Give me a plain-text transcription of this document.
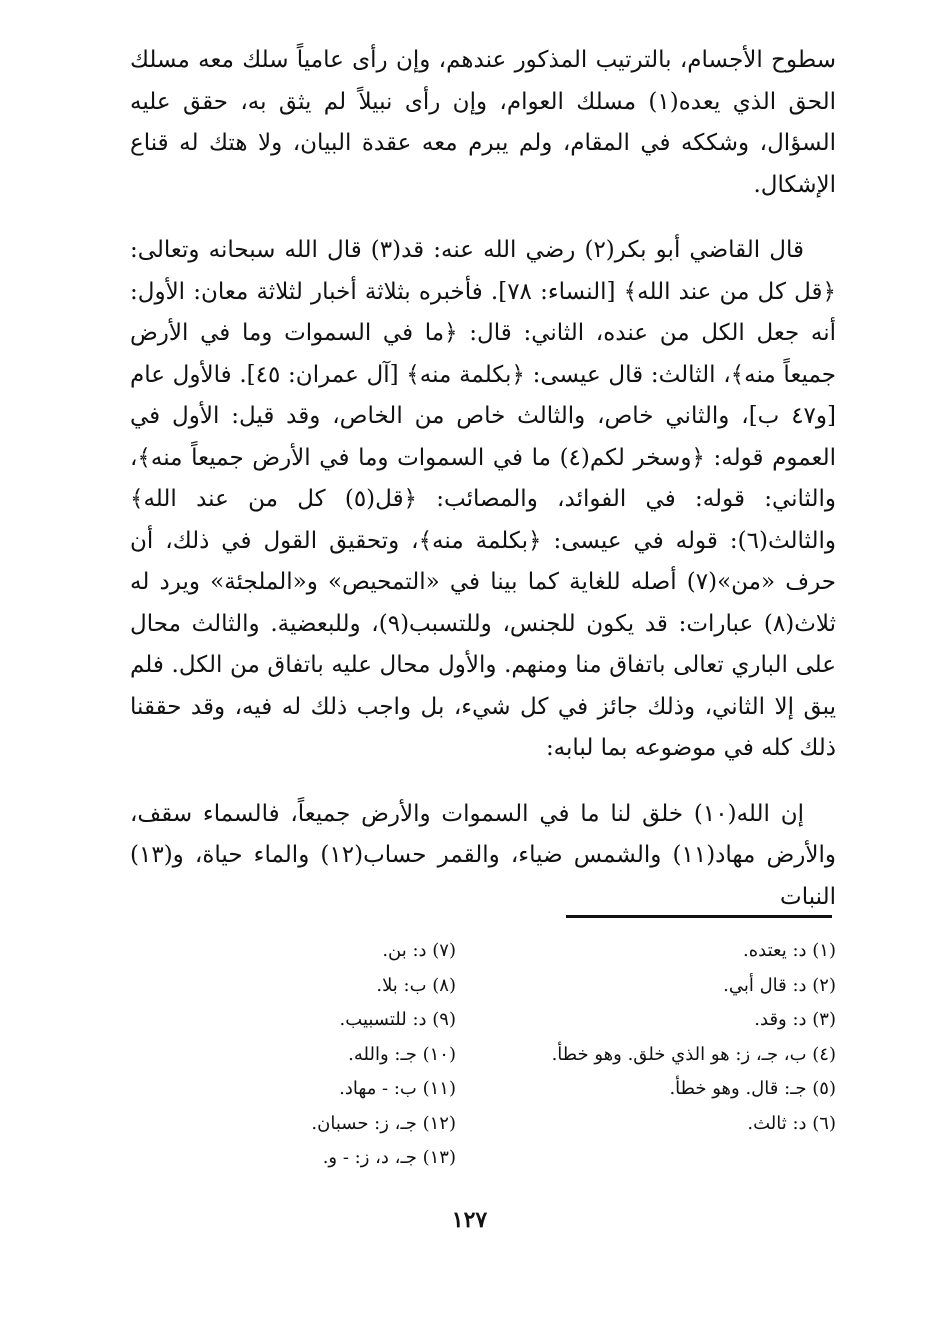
سطوح الأجسام، بالترتيب المذكور عندهم، وإن رأى عامياً سلك معه مسلك الحق الذي يعده(١) مسلك العوام، وإن رأى نبيلاً لم يثق به، حقق عليه السؤال، وشككه في المقام، ولم يبرم معه عقدة البيان، ولا هتك له قناع الإشكال.

قال القاضي أبو بكر(٢) رضي الله عنه: قد(٣) قال الله سبحانه وتعالى: ﴿قل كل من عند الله﴾ [النساء: ٧٨]. فأخبره بثلاثة أخبار لثلاثة معان: الأول: أنه جعل الكل من عنده، الثاني: قال: ﴿ما في السموات وما في الأرض جميعاً منه﴾، الثالث: قال عيسى: ﴿بكلمة منه﴾ [آل عمران: ٤٥]. فالأول عام [و٤٧ ب]، والثاني خاص، والثالث خاص من الخاص، وقد قيل: الأول في العموم قوله: ﴿وسخر لكم(٤) ما في السموات وما في الأرض جميعاً منه﴾، والثاني: قوله: في الفوائد، والمصائب: ﴿قل(٥) كل من عند الله﴾ والثالث(٦): قوله في عيسى: ﴿بكلمة منه﴾، وتحقيق القول في ذلك، أن حرف «من»(٧) أصله للغاية كما بينا في «التمحيص» و«الملجئة» ويرد له ثلاث(٨) عبارات: قد يكون للجنس، وللتسبب(٩)، وللبعضية. والثالث محال على الباري تعالى باتفاق منا ومنهم. والأول محال عليه باتفاق من الكل. فلم يبق إلا الثاني، وذلك جائز في كل شيء، بل واجب ذلك له فيه، وقد حققنا ذلك كله في موضوعه بما لبابه:

إن الله(١٠) خلق لنا ما في السموات والأرض جميعاً، فالسماء سقف، والأرض مهاد(١١) والشمس ضياء، والقمر حساب(١٢) والماء حياة، و(١٣) النبات

(١) د: يعتده.
(٢) د: قال أبي.
(٣) د: وقد.
(٤) ب، جـ، ز: هو الذي خلق. وهو خطأ.
(٥) جـ: قال. وهو خطأ.
(٦) د: ثالث.
(٧) د: بن.
(٨) ب: بلا.
(٩) د: للتسبيب.
(١٠) جـ: والله.
(١١) ب: - مهاد.
(١٢) جـ، ز: حسبان.
(١٣) جـ، د، ز: - و.
١٢٧
